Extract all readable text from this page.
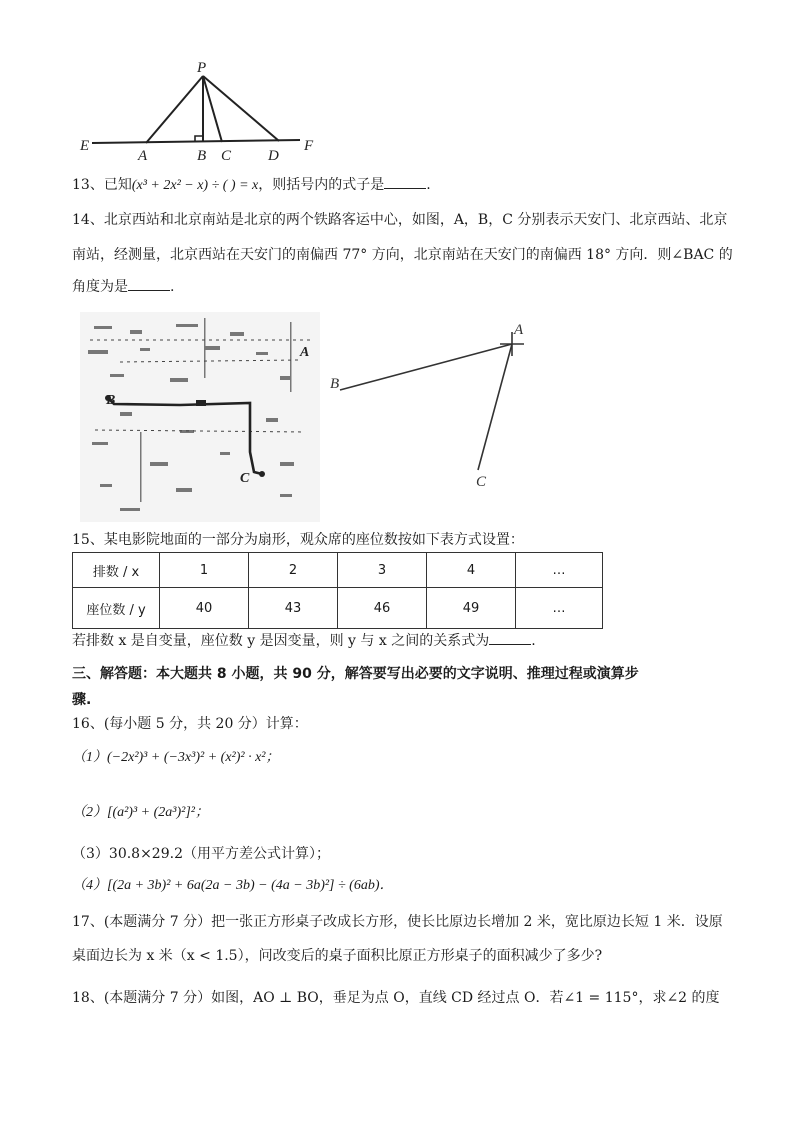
P
E
A	B C D
F
13、已知(x³ + 2x² − x) ÷ ( ) = x，则括号内的式子是	.
14、北京西站和北京南站是北京的两个铁路客运中心，如图，A，B，C 分别表示天安门、北京西站、北京
南站，经测量，北京西站在天安门的南偏西 77° 方向，北京南站在天安门的南偏西 18° 方向．则∠BAC 的
角度为是	.
A
B
C
A
B
C
15、某电影院地面的一部分为扇形，观众席的座位数按如下表方式设置：
排数 / x	1	2	3	4	…
座位数 / y	40	43	46	49	…
若排数 x 是自变量，座位数 y 是因变量，则 y 与 x 之间的关系式为	.
三、解答题：本大题共 8 小题，共 90 分，解答要写出必要的文字说明、推理过程或演算步
骤.
16、(每小题 5 分，共 20 分）计算：
（1）(−2x²)³ + (−3x³)² + (x²)² · x²；
（2）[(a²)³ + (2a³)²]²；
（3）30.8×29.2（用平方差公式计算）；
（4）[(2a + 3b)² + 6a(2a − 3b) − (4a − 3b)²] ÷ (6ab)．
17、(本题满分 7 分）把一张正方形桌子改成长方形，使长比原边长增加 2 米，宽比原边长短 1 米．设原
桌面边长为 x 米（x < 1.5），问改变后的桌子面积比原正方形桌子的面积减少了多少?
18、(本题满分 7 分）如图，AO ⊥ BO，垂足为点 O，直线 CD 经过点 O．若∠1 = 115°，求∠2 的度
